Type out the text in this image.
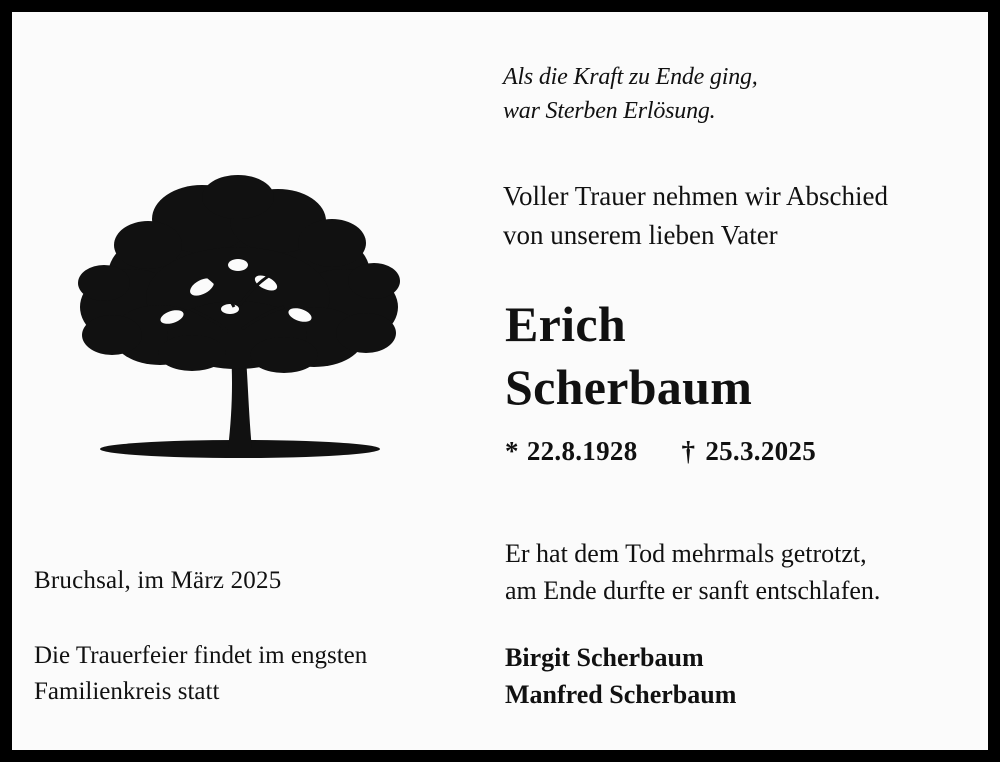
Bruchsal, im März 2025
Die Trauerfeier findet im engsten
Familienkreis statt
Als die Kraft zu Ende ging,
war Sterben Erlösung.
Voller Trauer nehmen wir Abschied
von unserem lieben Vater
Erich
Scherbaum
* 22.8.1928 † 25.3.2025
Er hat dem Tod mehrmals getrotzt,
am Ende durfte er sanft entschlafen.
Birgit Scherbaum
Manfred Scherbaum
